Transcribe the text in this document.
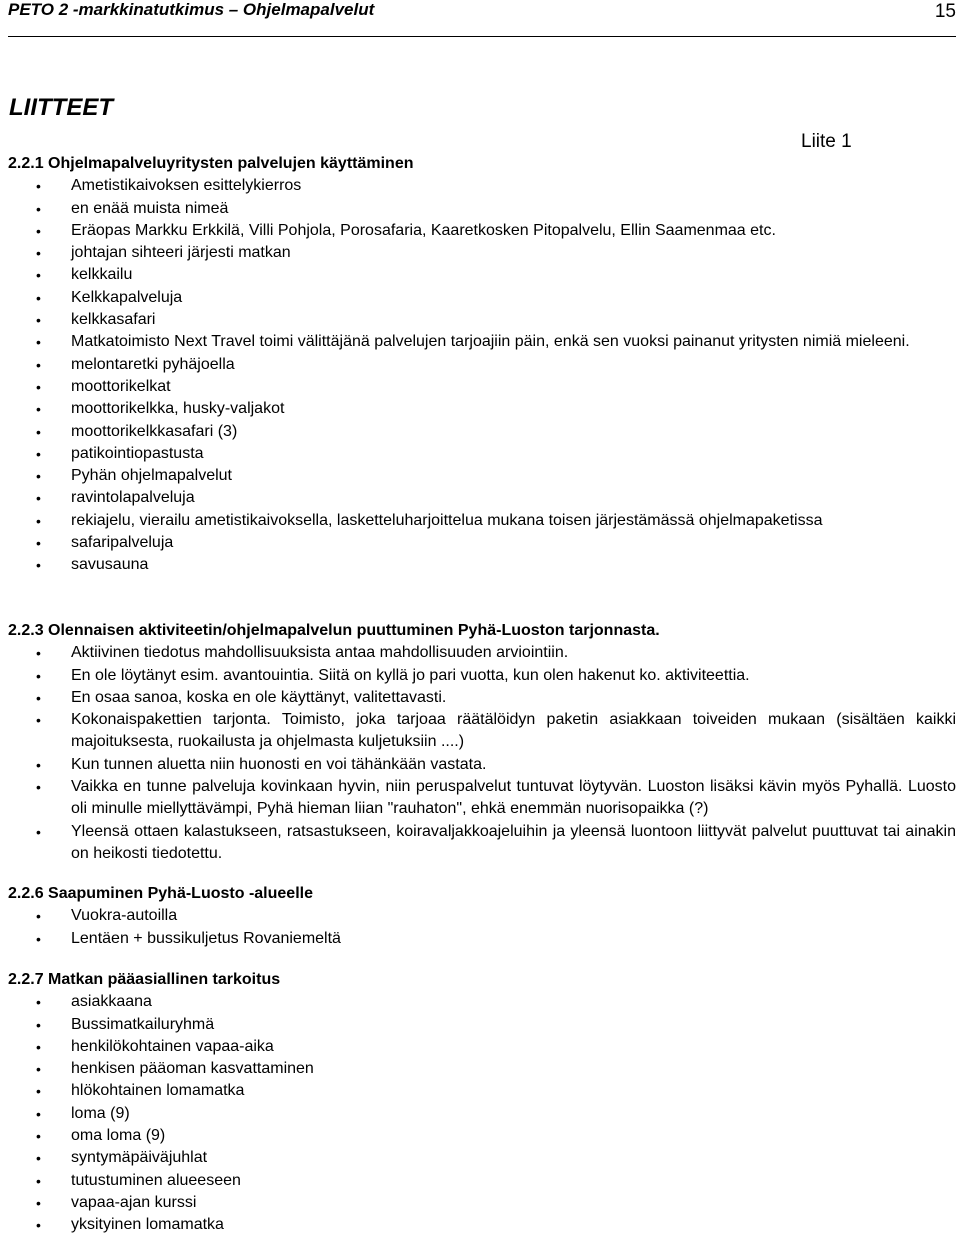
PETO 2 -markkinatutkimus – Ohjelmapalvelut	15
LIITTEET
Liite 1

2.2.1 Ohjelmapalveluyritysten palvelujen käyttäminen

• Ametistikaivoksen esittelykierros
• en enää muista nimeä
• Eräopas Markku Erkkilä, Villi Pohjola, Porosafaria, Kaaretkosken Pitopalvelu, Ellin Saamenmaa etc.
• johtajan sihteeri järjesti matkan
• kelkkailu
• Kelkkapalveluja
• kelkkasafari
• Matkatoimisto Next Travel toimi välittäjänä palvelujen tarjoajiin päin, enkä sen vuoksi painanut yritysten nimiä mieleeni.
• melontaretki pyhäjoella
• moottorikelkat
• moottorikelkka, husky-valjakot
• moottorikelkkasafari (3)
• patikointiopastusta
• Pyhän ohjelmapalvelut
• ravintolapalveluja
• rekiajelu, vierailu ametistikaivoksella, lasketteluharjoittelua mukana toisen järjestämässä ohjelmapaketissa
• safaripalveluja
• savusauna

2.2.3 Olennaisen aktiviteetin/ohjelmapalvelun puuttuminen Pyhä-Luoston tarjonnasta.

• Aktiivinen tiedotus mahdollisuuksista antaa mahdollisuuden arviointiin.
• En ole löytänyt esim. avantouintia. Siitä on kyllä jo pari vuotta, kun olen hakenut ko. aktiviteettia.
• En osaa sanoa, koska en ole käyttänyt, valitettavasti.
• Kokonaispakettien tarjonta. Toimisto, joka tarjoaa räätälöidyn paketin asiakkaan toiveiden mukaan (sisältäen kaikki majoituksesta, ruokailusta ja ohjelmasta kuljetuksiin ....)
• Kun tunnen aluetta niin huonosti en voi tähänkään vastata.
• Vaikka en tunne palveluja kovinkaan hyvin, niin peruspalvelut tuntuvat löytyvän. Luoston lisäksi kävin myös Pyhallä. Luosto oli minulle miellyttävämpi, Pyhä hieman liian "rauhaton", ehkä enemmän nuorisopaikka (?)
• Yleensä ottaen kalastukseen, ratsastukseen, koiravaljakkoajeluihin ja yleensä luontoon liittyvät palvelut puuttuvat tai ainakin on heikosti tiedotettu.

2.2.6 Saapuminen Pyhä-Luosto -alueelle

• Vuokra-autoilla
• Lentäen + bussikuljetus Rovaniemeltä

2.2.7 Matkan pääasiallinen tarkoitus

• asiakkaana
• Bussimatkailuryhmä
• henkilökohtainen vapaa-aika
• henkisen pääoman kasvattaminen
• hlökohtainen lomamatka
• loma (9)
• oma loma (9)
• syntymäpäiväjuhlat
• tutustuminen alueeseen
• vapaa-ajan kurssi
• yksityinen lomamatka
